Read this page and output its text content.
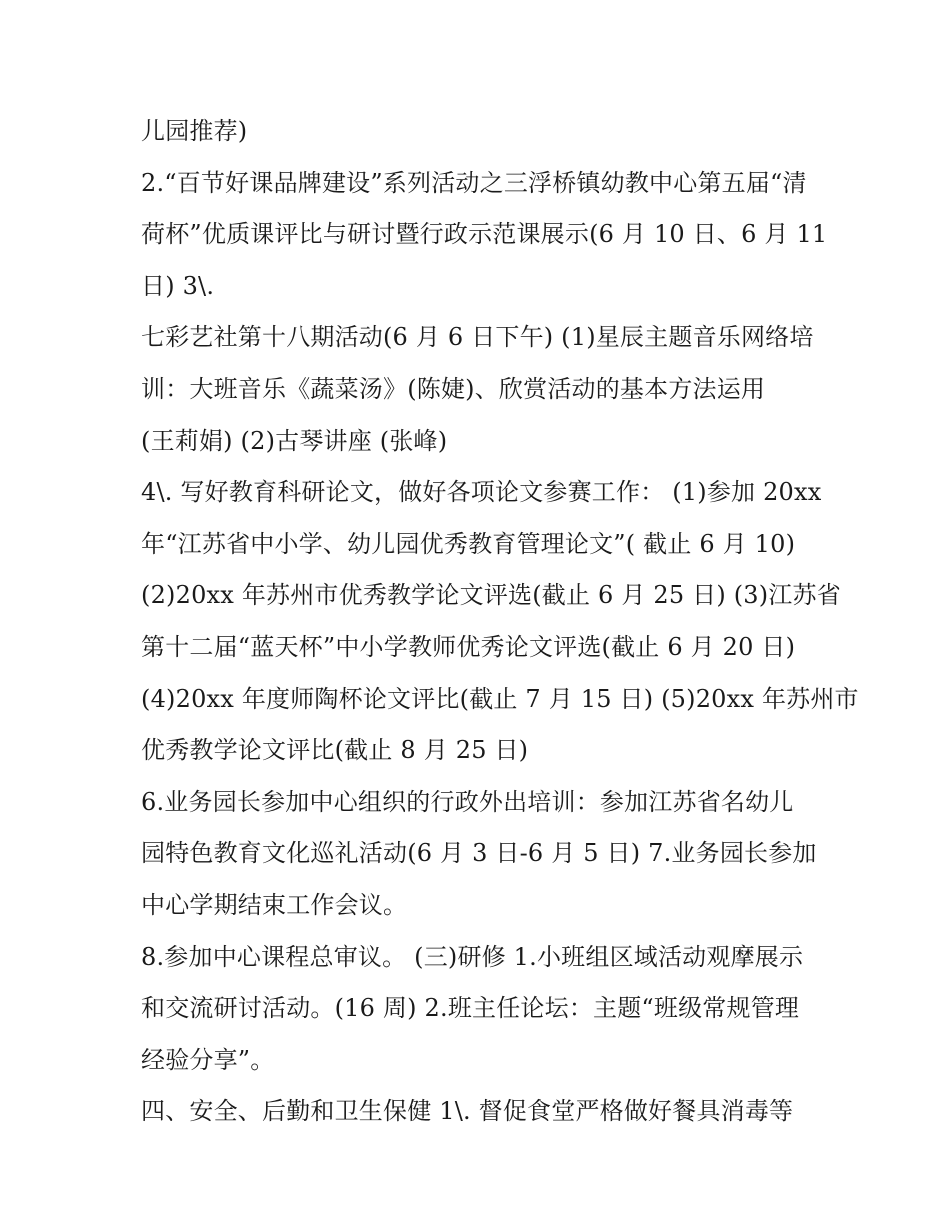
儿园推荐)
2.“百节好课品牌建设”系列活动之三浮桥镇幼教中心第五届“清
荷杯”优质课评比与研讨暨行政示范课展示(6 月 10 日、6 月 11
日) 3\.
七彩艺社第十八期活动(6 月 6 日下午) (1)星辰主题音乐网络培
训：大班音乐《蔬菜汤》(陈婕)、欣赏活动的基本方法运用
(王莉娟) (2)古琴讲座 (张峰)
4\. 写好教育科研论文，做好各项论文参赛工作： (1)参加 20xx
年“江苏省中小学、幼儿园优秀教育管理论文”( 截止 6 月 10)
(2)20xx 年苏州市优秀教学论文评选(截止 6 月 25 日) (3)江苏省
第十二届“蓝天杯”中小学教师优秀论文评选(截止 6 月 20 日)
(4)20xx 年度师陶杯论文评比(截止 7 月 15 日) (5)20xx 年苏州市
优秀教学论文评比(截止 8 月 25 日)
6.业务园长参加中心组织的行政外出培训：参加江苏省名幼儿
园特色教育文化巡礼活动(6 月 3 日-6 月 5 日) 7.业务园长参加
中心学期结束工作会议。
8.参加中心课程总审议。 (三)研修 1.小班组区域活动观摩展示
和交流研讨活动。(16 周) 2.班主任论坛：主题“班级常规管理
经验分享”。
四、安全、后勤和卫生保健 1\. 督促食堂严格做好餐具消毒等
